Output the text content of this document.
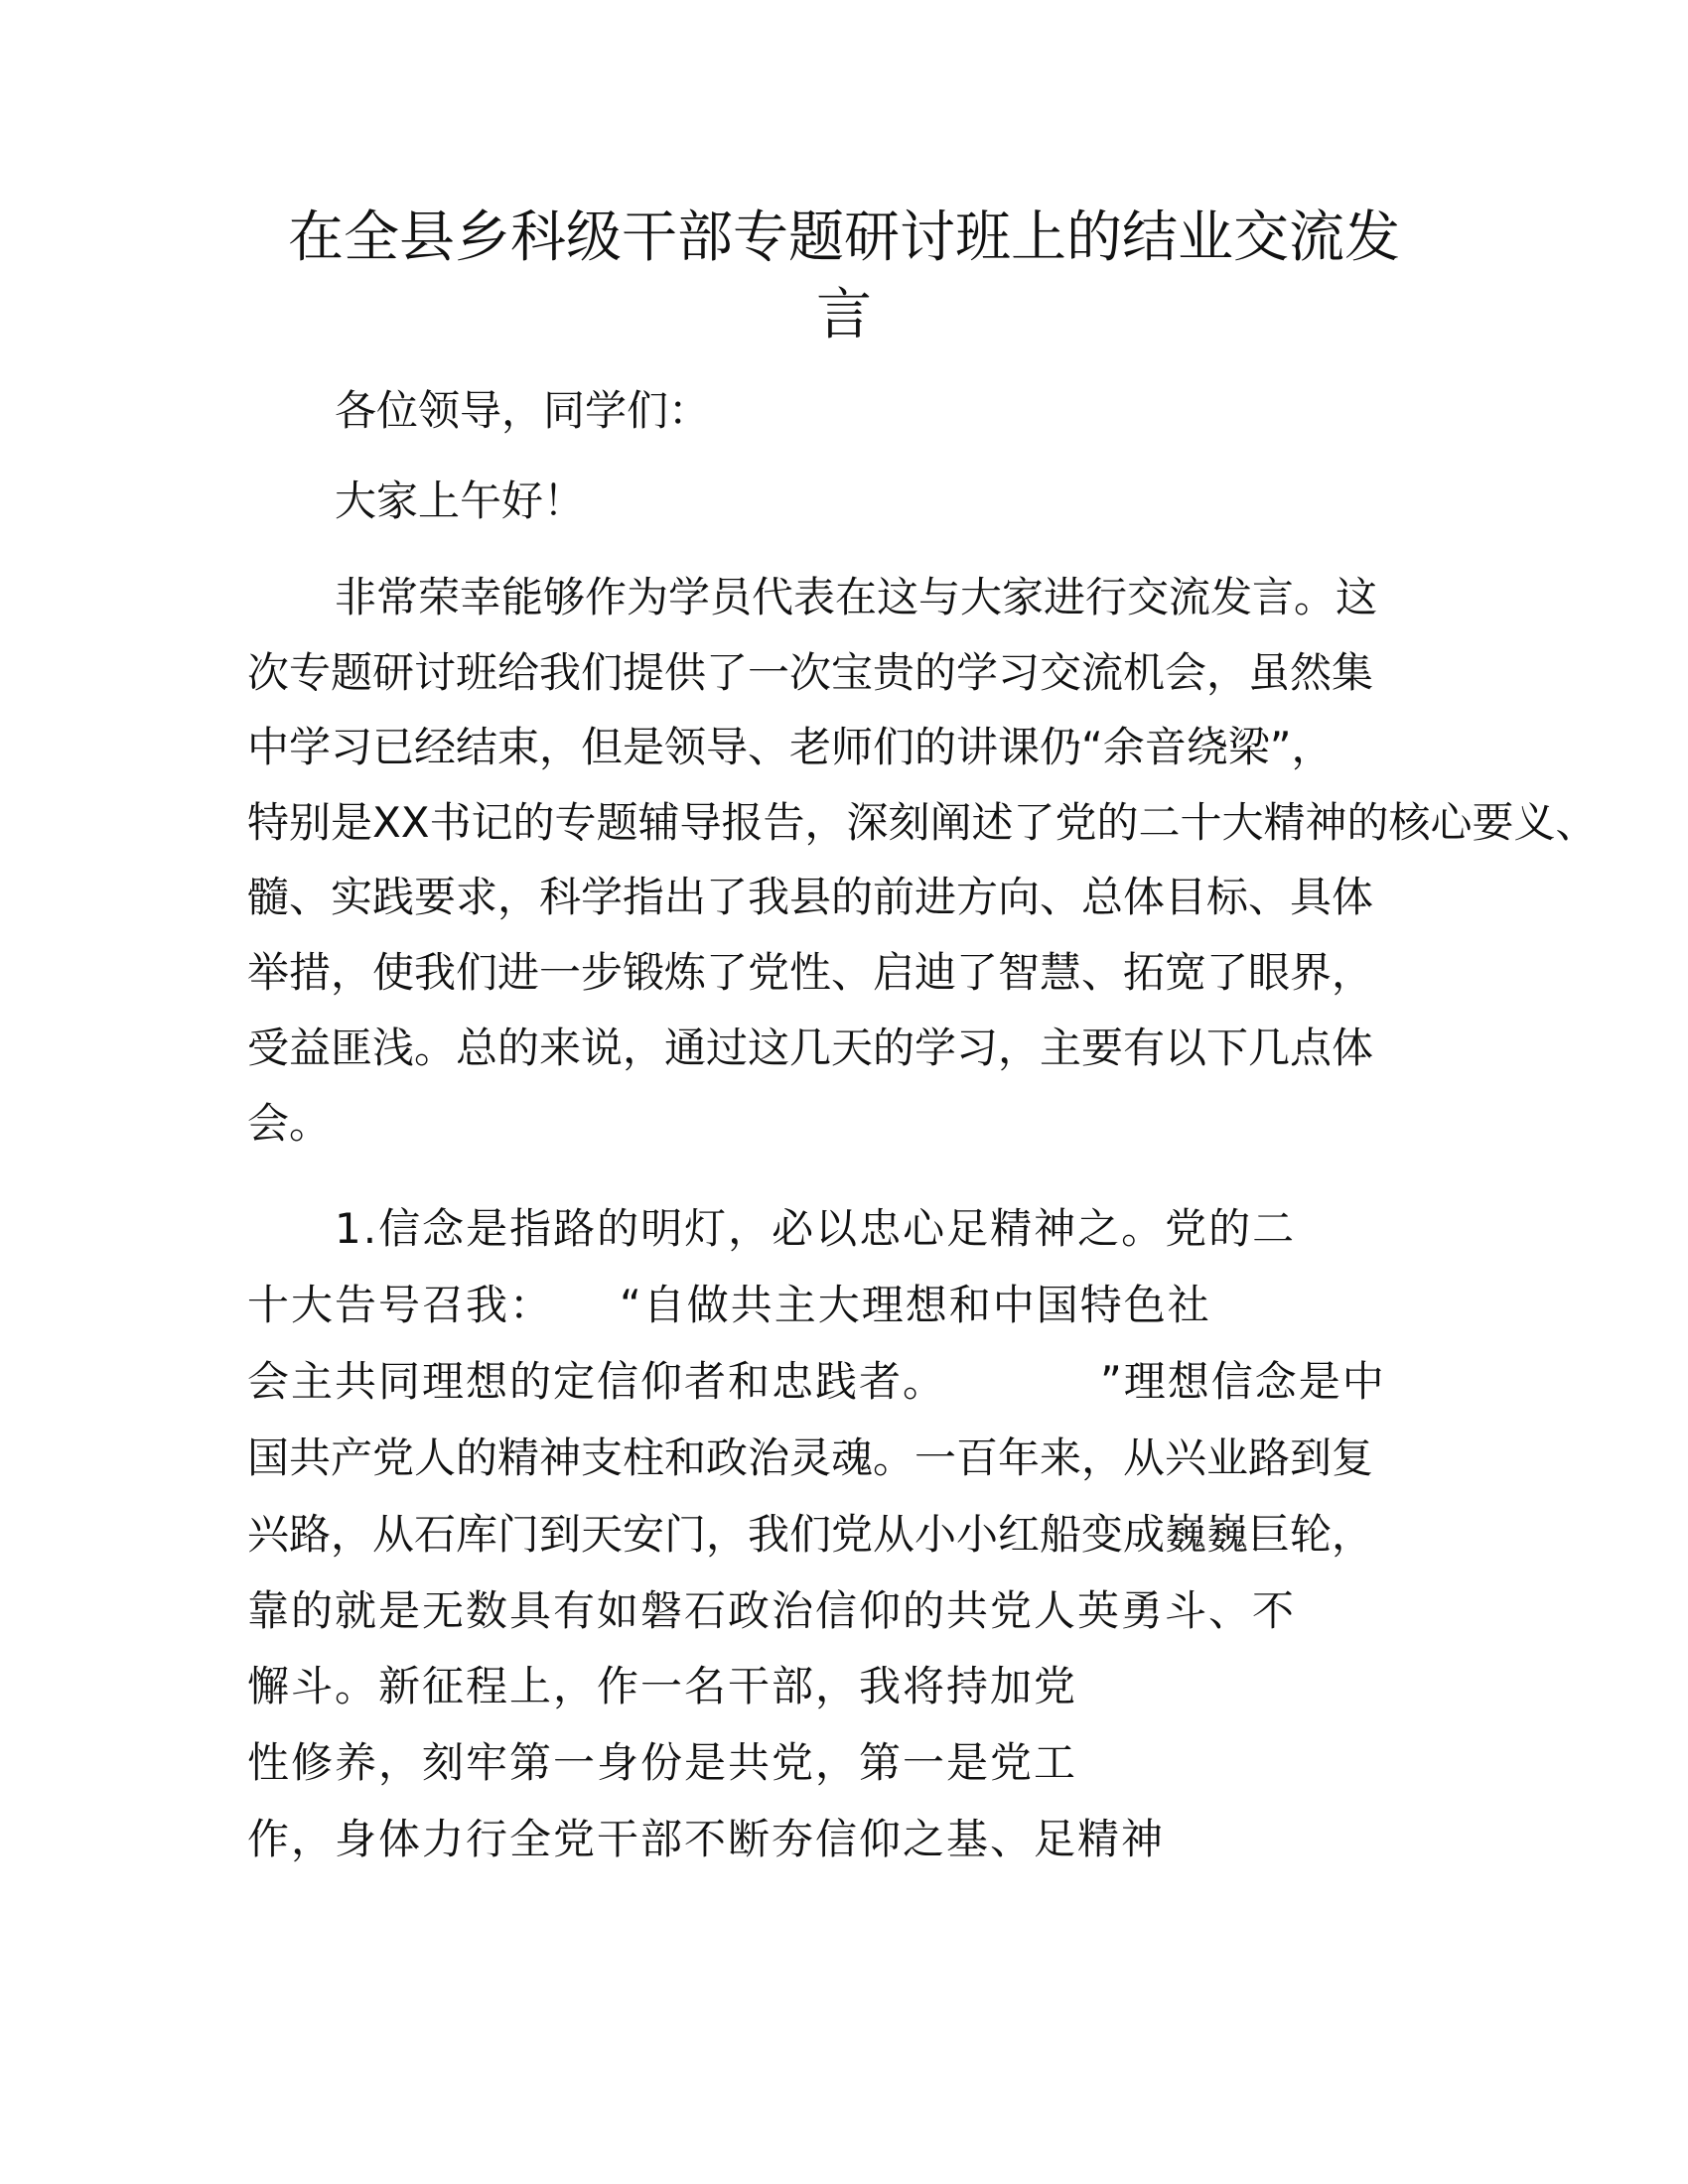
在全县乡科级干部专题研讨班上的结业交流发
言
各位领导，同学们：
大家上午好！
非常荣幸能够作为学员代表在这与大家进行交流发言。这
次专题研讨班给我们提供了一次宝贵的学习交流机会，虽然集
中学习已经结束，但是领导、老师们的讲课仍“余音绕梁”，
特别是XX书记的专题辅导报告，深刻阐述了党的二十大精神的核心要义、
髓、实践要求，科学指出了我县的前进方向、总体目标、具体
举措，使我们进一步锻炼了党性、启迪了智慧、拓宽了眼界，
受益匪浅。总的来说，通过这几天的学习，主要有以下几点体
会。
1.信念是指路的明灯，必以忠心足精神之。党的二
十大告号召我：　　“自做共主大理想和中国特色社
会主共同理想的定信仰者和忠践者。　　　　”理想信念是中
国共产党人的精神支柱和政治灵魂。一百年来，从兴业路到复
兴路，从石库门到天安门，我们党从小小红船变成巍巍巨轮，
靠的就是无数具有如磐石政治信仰的共党人英勇斗、不
懈斗。新征程上，作一名干部，我将持加党
性修养，刻牢第一身份是共党，第一是党工
作，身体力行全党干部不断夯信仰之基、足精神
